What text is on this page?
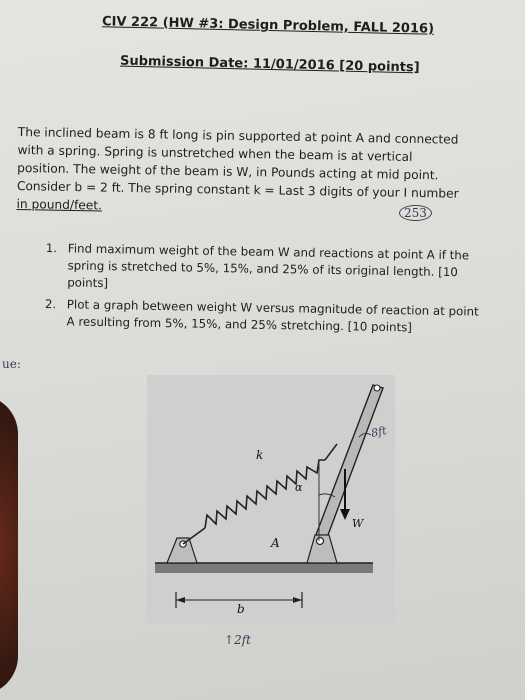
CIV 222 (HW #3: Design Problem, FALL 2016)
Submission Date: 11/01/2016 [20 points]

The inclined beam is 8 ft long is pin supported at point A and connected
with a spring. Spring is unstretched when the beam is at vertical
position. The weight of the beam is W, in Pounds acting at mid point.
Consider b = 2 ft. The spring constant k = Last 3 digits of your I number
in pound/feet.

253
1. Find maximum weight of the beam W and reactions at point A if the spring is stretched to 5%, 15%, and 25% of its original length. [10 points]
2. Plot a graph between weight W versus magnitude of reaction at point A resulting from 5%, 15%, and 25% stretching. [10 points]
ue:
k
α
W
A
b
8ft
↑2ft
